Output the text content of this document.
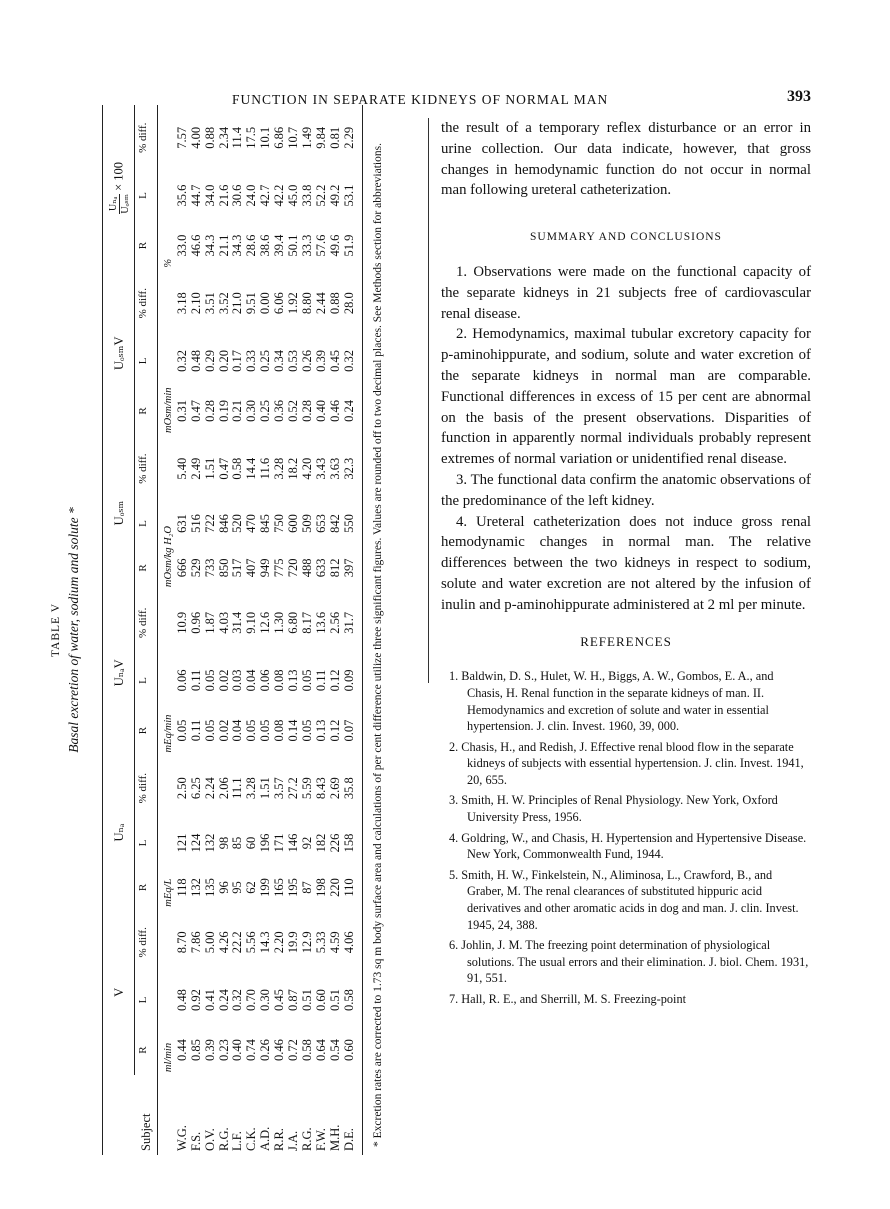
FUNCTION IN SEPARATE KIDNEYS OF NORMAL MAN	393
TABLE V Basal excretion of water, sodium and solute *
Subject	V			Uₙₐ			UₙₐV			Uₒₛₘ			UₒₛₘV			Uₙₐ Uₒₛₘ × 100		
	R	L	% diff.	R	L	% diff.	R	L	% diff.	R	L	% diff.	R	L	% diff.	R	L	% diff.
	ml/min			mEq/L			mEq/min			mOsm/kg H₂O			mOsm/min			%		
W.G.	0.44	0.48	8.70	118	121	2.50	0.05	0.06	10.9	666	631	5.40	0.31	0.32	3.18	33.0	35.6	7.57
F.S.	0.85	0.92	7.86	132	124	6.25	0.11	0.11	0.96	529	516	2.49	0.47	0.48	2.10	46.6	44.7	4.00
O.V.	0.39	0.41	5.00	135	132	2.24	0.05	0.05	1.87	733	722	1.51	0.28	0.29	3.51	34.3	34.0	0.88
R.G.	0.23	0.24	4.26	96	98	2.06	0.02	0.02	4.03	850	846	0.47	0.19	0.20	3.52	21.1	21.6	2.34
L.F.	0.40	0.32	22.2	95	85	11.1	0.04	0.03	31.4	517	520	0.58	0.21	0.17	21.0	34.3	30.6	11.4
C.K.	0.74	0.70	5.56	62	60	3.28	0.05	0.04	9.10	407	470	14.4	0.30	0.33	9.51	28.6	24.0	17.5
A.D.	0.26	0.30	14.3	199	196	1.51	0.05	0.06	12.6	949	845	11.6	0.25	0.25	0.00	38.6	42.7	10.1
R.R.	0.46	0.45	2.20	165	171	3.57	0.08	0.08	1.30	775	750	3.28	0.36	0.34	6.06	39.4	42.2	6.86
J.A.	0.72	0.87	19.9	195	146	27.2	0.14	0.13	6.80	720	600	18.2	0.52	0.53	1.92	50.1	45.0	10.7
R.G.	0.58	0.51	12.9	87	92	5.59	0.05	0.05	8.17	488	509	4.20	0.28	0.26	8.80	33.3	33.8	1.49
F.W.	0.64	0.60	5.33	198	182	8.43	0.13	0.11	13.6	633	653	3.43	0.40	0.39	2.44	57.6	52.2	9.84
M.H.	0.54	0.51	4.59	220	226	2.69	0.12	0.12	2.56	812	842	3.63	0.46	0.45	0.88	49.6	49.2	0.81
D.E.	0.60	0.58	4.06	110	158	35.8	0.07	0.09	31.7	397	550	32.3	0.24	0.32	28.0	51.9	53.1	2.29
* Excretion rates are corrected to 1.73 sq m body surface area and calculations of per cent difference utilize three significant figures. Values are rounded off to two decimal places. See Methods section for abbreviations.

the result of a temporary reflex disturbance or an error in urine collection. Our data indicate, however, that gross changes in hemodynamic function do not occur in normal man following ureteral catheterization.

SUMMARY AND CONCLUSIONS

1. Observations were made on the functional capacity of the separate kidneys in 21 subjects free of cardiovascular renal disease.

2. Hemodynamics, maximal tubular excretory capacity for p-aminohippurate, and sodium, solute and water excretion of the separate kidneys in normal man are comparable. Functional differences in excess of 15 per cent are abnormal on the basis of the present observations. Disparities of function in apparently normal individuals probably represent extremes of normal variation or unidentified renal disease.

3. The functional data confirm the anatomic observations of the predominance of the left kidney.

4. Ureteral catheterization does not induce gross renal hemodynamic changes in normal man. The relative differences between the two kidneys in respect to sodium, solute and water excretion are not altered by the infusion of inulin and p-aminohippurate administered at 2 ml per minute.

REFERENCES
1. Baldwin, D. S., Hulet, W. H., Biggs, A. W., Gombos, E. A., and Chasis, H. Renal function in the separate kidneys of man. II. Hemodynamics and excretion of solute and water in essential hypertension. J. clin. Invest. 1960, 39, 000.
2. Chasis, H., and Redish, J. Effective renal blood flow in the separate kidneys of subjects with essential hypertension. J. clin. Invest. 1941, 20, 655.
3. Smith, H. W. Principles of Renal Physiology. New York, Oxford University Press, 1956.
4. Goldring, W., and Chasis, H. Hypertension and Hypertensive Disease. New York, Commonwealth Fund, 1944.
5. Smith, H. W., Finkelstein, N., Aliminosa, L., Crawford, B., and Graber, M. The renal clearances of substituted hippuric acid derivatives and other aromatic acids in dog and man. J. clin. Invest. 1945, 24, 388.
6. Johlin, J. M. The freezing point determination of physiological solutions. The usual errors and their elimination. J. biol. Chem. 1931, 91, 551.
7. Hall, R. E., and Sherrill, M. S. Freezing-point
